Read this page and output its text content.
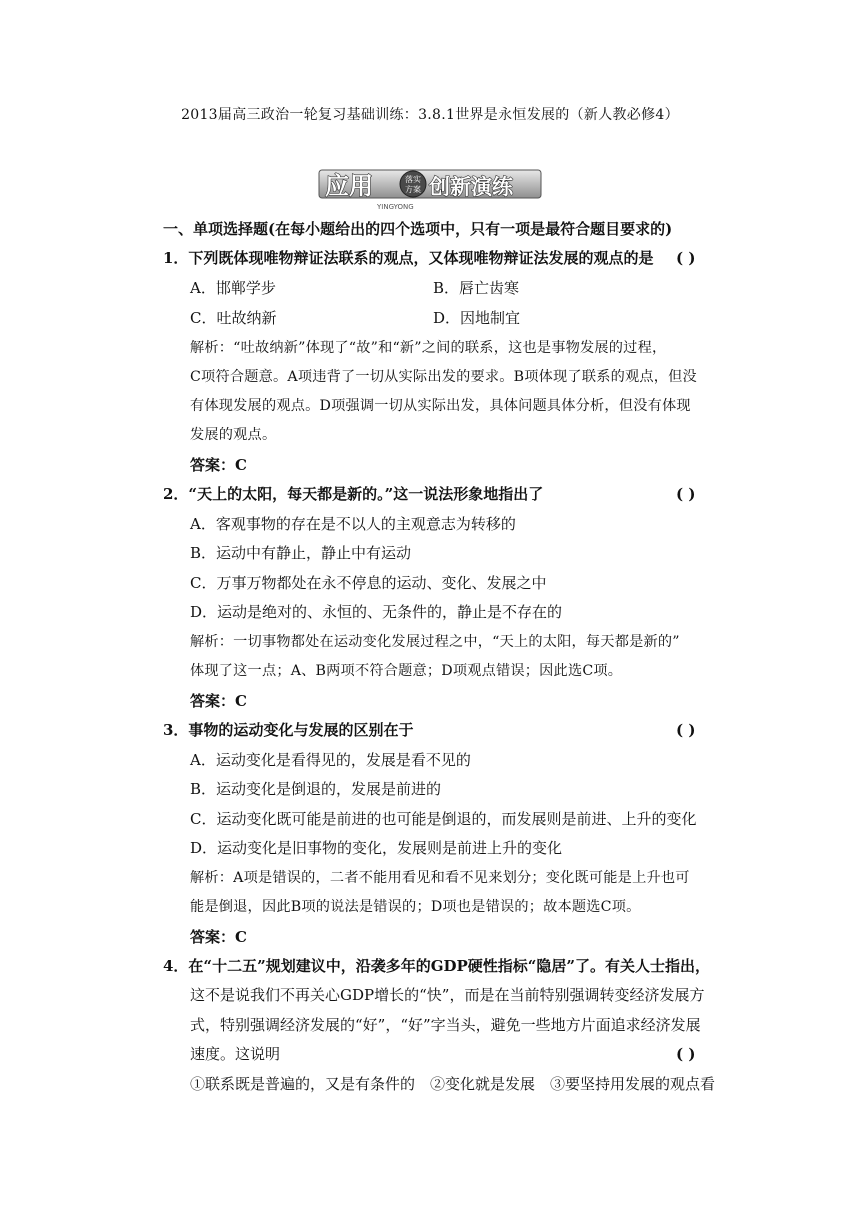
2013届高三政治一轮复习基础训练：3.8.1世界是永恒发展的（新人教必修4）
应用	落实
方案 创新演练
YINGYONG
一、单项选择题(在每小题给出的四个选项中，只有一项是最符合题目要求的)
1．下列既体现唯物辩证法联系的观点，又体现唯物辩证法发展的观点的是 ( )
A．邯郸学步	B．唇亡齿寒
C．吐故纳新	D．因地制宜
解析：“吐故纳新”体现了“故”和“新”之间的联系，这也是事物发展的过程，
C项符合题意。A项违背了一切从实际出发的要求。B项体现了联系的观点，但没
有体现发展的观点。D项强调一切从实际出发，具体问题具体分析，但没有体现
发展的观点。
答案：C
2．“天上的太阳，每天都是新的。”这一说法形象地指出了	( )
A．客观事物的存在是不以人的主观意志为转移的
B．运动中有静止，静止中有运动
C．万事万物都处在永不停息的运动、变化、发展之中
D．运动是绝对的、永恒的、无条件的，静止是不存在的
解析：一切事物都处在运动变化发展过程之中，“天上的太阳，每天都是新的”
体现了这一点；A、B两项不符合题意；D项观点错误；因此选C项。
答案：C
3．事物的运动变化与发展的区别在于	( )
A．运动变化是看得见的，发展是看不见的
B．运动变化是倒退的，发展是前进的
C．运动变化既可能是前进的也可能是倒退的，而发展则是前进、上升的变化
D．运动变化是旧事物的变化，发展则是前进上升的变化
解析：A项是错误的，二者不能用看见和看不见来划分；变化既可能是上升也可
能是倒退，因此B项的说法是错误的；D项也是错误的；故本题选C项。
答案：C
4．在“十二五”规划建议中，沿袭多年的GDP硬性指标“隐居”了。有关人士指出，
这不是说我们不再关心GDP增长的“快”，而是在当前特别强调转变经济发展方
式，特别强调经济发展的“好”，“好”字当头，避免一些地方片面追求经济发展
速度。这说明	( )
①联系既是普遍的，又是有条件的　②变化就是发展　③要坚持用发展的观点看
